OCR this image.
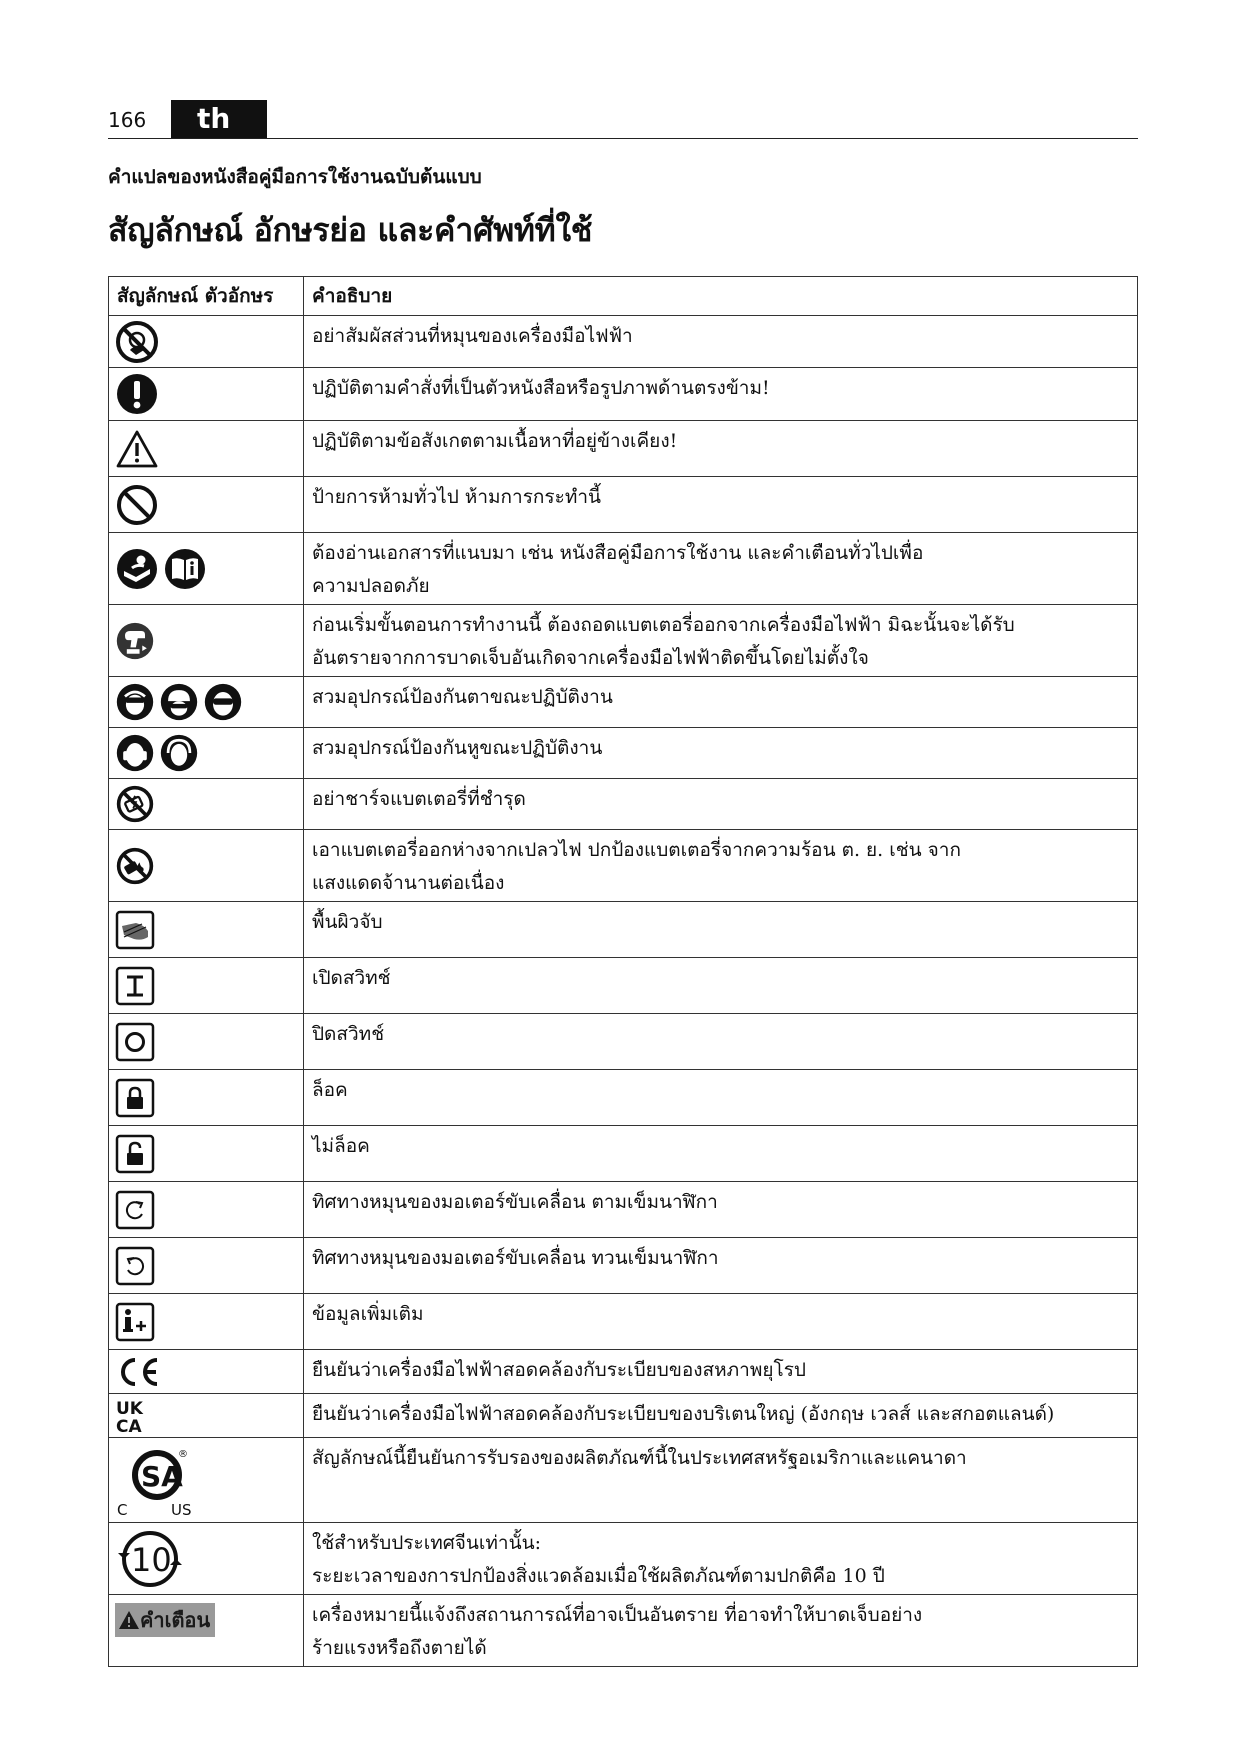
166	th
คำแปลของหนังสือคู่มือการใช้งานฉบับต้นแบบ
สัญลักษณ์ อักษรย่อ และคำศัพท์ที่ใช้
สัญลักษณ์ ตัวอักษร	คำอธิบาย

	อย่าสัมผัสส่วนที่หมุนของเครื่องมือไฟฟ้า

	ปฏิบัติตามคำสั่งที่เป็นตัวหนังสือหรือรูปภาพด้านตรงข้าม!

	ปฏิบัติตามข้อสังเกตตามเนื้อหาที่อยู่ข้างเคียง!

	ป้ายการห้ามทั่วไป ห้ามการกระทำนี้

	ต้องอ่านเอกสารที่แนบมา เช่น หนังสือคู่มือการใช้งาน และคำเตือนทั่วไปเพื่อ
ความปลอดภัย

	ก่อนเริ่มขั้นตอนการทำงานนี้ ต้องถอดแบตเตอรี่ออกจากเครื่องมือไฟฟ้า มิฉะนั้นจะได้รับ
อันตรายจากการบาดเจ็บอันเกิดจากเครื่องมือไฟฟ้าติดขึ้นโดยไม่ตั้งใจ

	สวมอุปกรณ์ป้องกันตาขณะปฏิบัติงาน

	สวมอุปกรณ์ป้องกันหูขณะปฏิบัติงาน

	อย่าชาร์จแบตเตอรี่ที่ชำรุด

	เอาแบตเตอรี่ออกห่างจากเปลวไฟ ปกป้องแบตเตอรี่จากความร้อน ต. ย. เช่น จาก
แสงแดดจ้านานต่อเนื่อง

	พื้นผิวจับ

	เปิดสวิทช์

	ปิดสวิทช์

	ล็อค

	ไม่ล็อค

	ทิศทางหมุนของมอเตอร์ขับเคลื่อน ตามเข็มนาฬิกา

	ทิศทางหมุนของมอเตอร์ขับเคลื่อน ทวนเข็มนาฬิกา

	ข้อมูลเพิ่มเติม

	ยืนยันว่าเครื่องมือไฟฟ้าสอดคล้องกับระเบียบของสหภาพยุโรป

UK
CA	ยืนยันว่าเครื่องมือไฟฟ้าสอดคล้องกับระเบียบของบริเตนใหญ่ (อังกฤษ เวลส์ และสกอตแลนด์)

SA
®
C US	สัญลักษณ์นี้ยืนยันการรับรองของผลิตภัณฑ์นี้ในประเทศสหรัฐอเมริกาและแคนาดา

10	ใช้สำหรับประเทศจีนเท่านั้น:
ระยะเวลาของการปกป้องสิ่งแวดล้อมเมื่อใช้ผลิตภัณฑ์ตามปกติคือ 10 ปี

คำเตือน	เครื่องหมายนี้แจ้งถึงสถานการณ์ที่อาจเป็นอันตราย ที่อาจทำให้บาดเจ็บอย่าง
ร้ายแรงหรือถึงตายได้
